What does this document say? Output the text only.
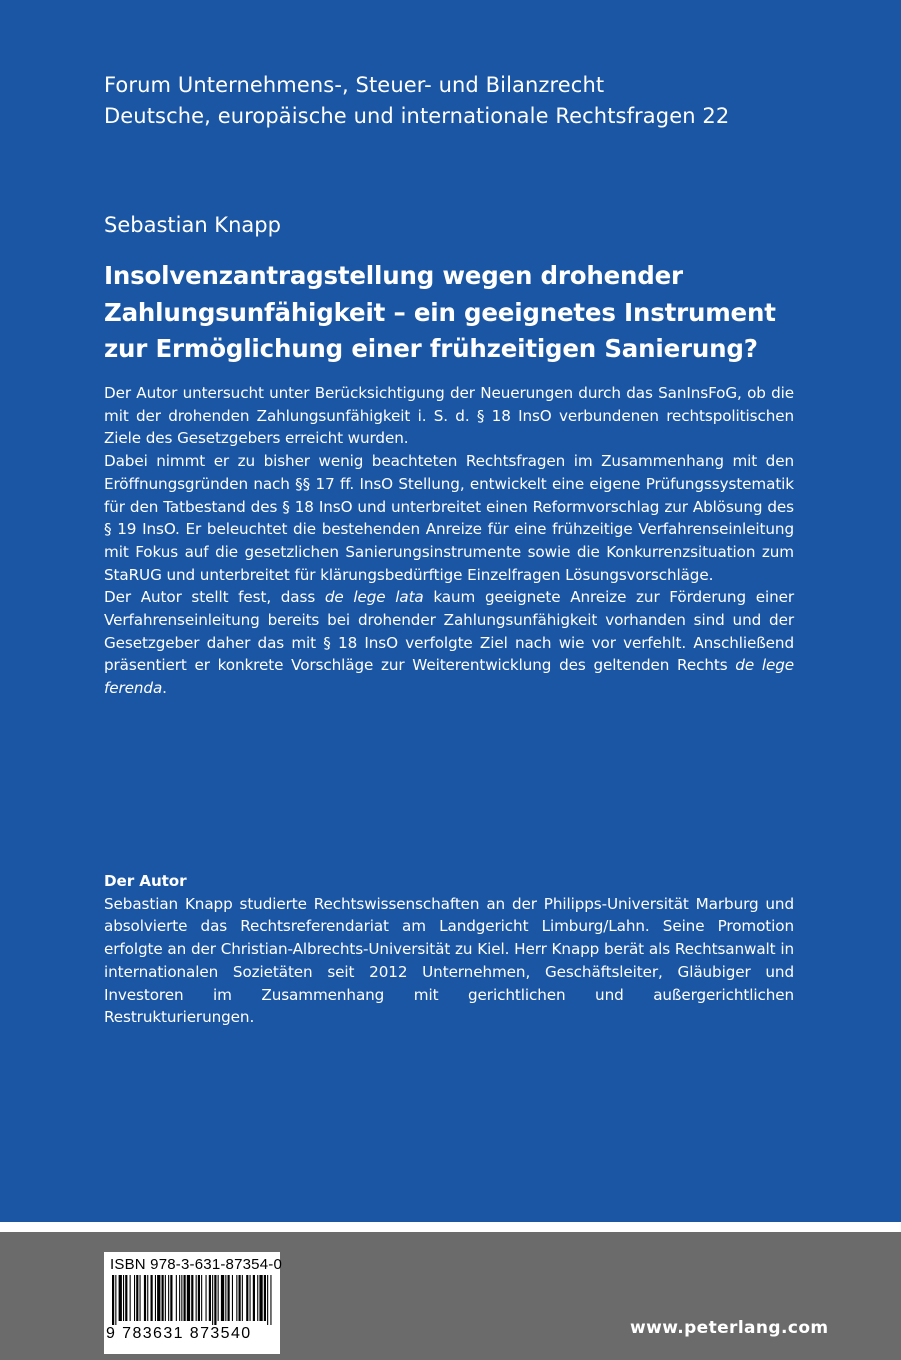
Forum Unternehmens-, Steuer- und Bilanzrecht
Deutsche, europäische und internationale Rechtsfragen 22
Sebastian Knapp
Insolvenzantragstellung wegen drohender
Zahlungsunfähigkeit – ein geeignetes Instrument
zur Ermöglichung einer frühzeitigen Sanierung?

Der Autor untersucht unter Berücksichtigung der Neuerungen durch das SanInsFoG, ob die mit der drohenden Zahlungsunfähigkeit i. S. d. § 18 InsO verbundenen rechtspolitischen Ziele des Gesetzgebers erreicht wurden.

Dabei nimmt er zu bisher wenig beachteten Rechtsfragen im Zusammenhang mit den Eröffnungsgründen nach §§ 17 ff. InsO Stellung, entwickelt eine eigene Prüfungssystematik für den Tatbestand des § 18 InsO und unterbreitet einen Reformvorschlag zur Ablösung des § 19 InsO. Er beleuchtet die bestehenden Anreize für eine frühzeitige Verfahrenseinleitung mit Fokus auf die gesetzlichen Sanierungsinstrumente sowie die Konkurrenzsituation zum StaRUG und unterbreitet für klärungsbedürftige Einzelfragen Lösungsvorschläge.

Der Autor stellt fest, dass de lege lata kaum geeignete Anreize zur Förderung einer Verfahrenseinleitung bereits bei drohender Zahlungsunfähigkeit vorhanden sind und der Gesetzgeber daher das mit § 18 InsO verfolgte Ziel nach wie vor verfehlt. Anschließend präsentiert er konkrete Vorschläge zur Weiterentwicklung des geltenden Rechts de lege ferenda.

Der Autor

Sebastian Knapp studierte Rechtswissenschaften an der Philipps-Universität Marburg und absolvierte das Rechtsreferendariat am Landgericht Limburg/Lahn. Seine Promotion erfolgte an der Christian-Albrechts-Universität zu Kiel. Herr Knapp berät als Rechtsanwalt in internationalen Sozietäten seit 2012 Unternehmen, Geschäftsleiter, Gläubiger und Investoren im Zusammenhang mit gerichtlichen und außergerichtlichen Restrukturierungen.

ISBN 978-3-631-87354-0
9 783631 873540	www.peterlang.com
